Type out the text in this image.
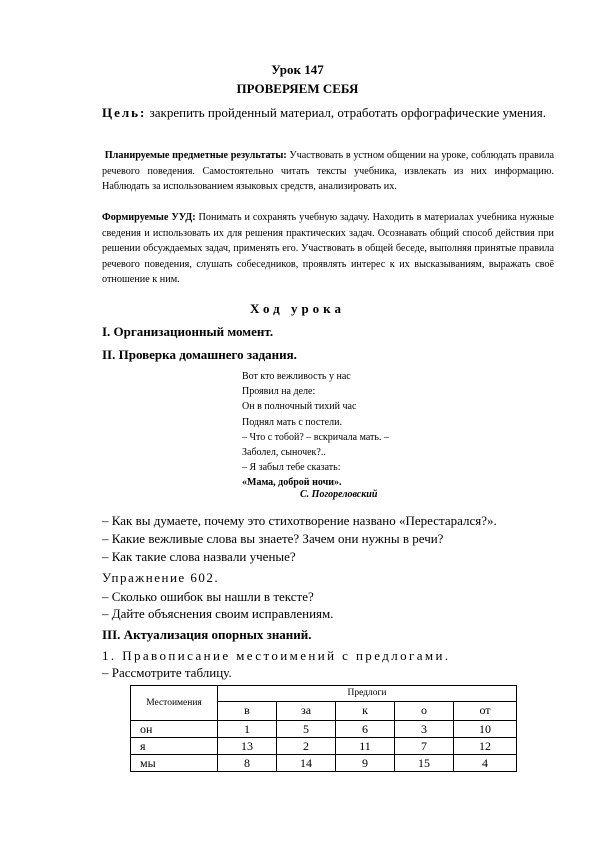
Урок 147
ПРОВЕРЯЕМ СЕБЯ
Цель: закрепить пройденный материал, отработать орфографические умения.
Планируемые предметные результаты: Участвовать в устном общении на уроке, соблюдать правила речевого поведения. Самостоятельно читать тексты учебника, извлекать из них информацию. Наблюдать за использованием языковых средств, анализировать их.
Формируемые УУД: Понимать и сохранять учебную задачу. Находить в материалах учебника нужные сведения и использовать их для решения практических задач. Осознавать общий способ действия при решении обсуждаемых задач, применять его. Участвовать в общей беседе, выполняя принятые правила речевого поведения, слушать собеседников, проявлять интерес к их высказываниям, выражать своё отношение к ним.
Ход урока
I. Организационный момент.
II. Проверка домашнего задания.
Вот кто вежливость у нас
Проявил на деле:
Он в полночный тихий час
Поднял мать с постели.
– Что с тобой? – вскричала мать. –
Заболел, сыночек?..
– Я забыл тебе сказать:
«Мама, доброй ночи».
С. Погореловский
– Как вы думаете, почему это стихотворение названо «Перестарался?».
– Какие вежливые слова вы знаете? Зачем они нужны в речи?
– Как такие слова назвали ученые?
Упражнение 602.
– Сколько ошибок вы нашли в тексте?
– Дайте объяснения своим исправлениям.
III. Актуализация опорных знаний.
1. Правописание местоимений с предлогами.
– Рассмотрите таблицу.
Местоимения	Предлоги				
	в	за	к	о	от
он	1	5	6	3	10
я	13	2	11	7	12
мы	8	14	9	15	4
